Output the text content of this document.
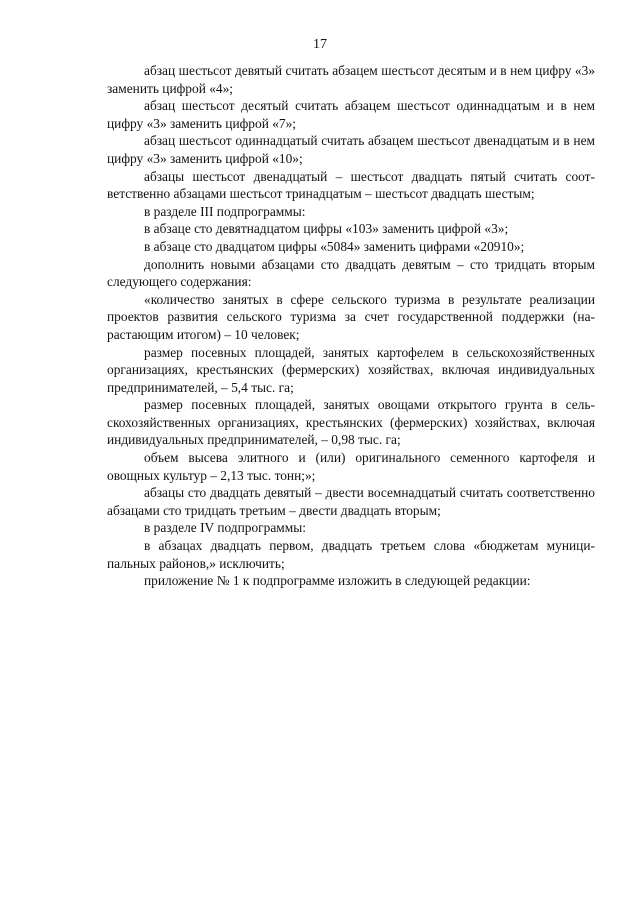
17

абзац шестьсот девятый считать абзацем шестьсот десятым и в нем цифру «3» заменить цифрой «4»;

абзац шестьсот десятый считать абзацем шестьсот одиннадцатым и в нем цифру «3» заменить цифрой «7»;

абзац шестьсот одиннадцатый считать абзацем шестьсот двенадцатым и в нем цифру «3» заменить цифрой «10»;

абзацы шестьсот двенадцатый – шестьсот двадцать пятый считать соответственно абзацами шестьсот тринадцатым – шестьсот двадцать шестым;

в разделе III подпрограммы:

в абзаце сто девятнадцатом цифры «103» заменить цифрой «3»;

в абзаце сто двадцатом цифры «5084» заменить цифрами «20910»;

дополнить новыми абзацами сто двадцать девятым – сто тридцать вторым следующего содержания:

«количество занятых в сфере сельского туризма в результате реализации проектов развития сельского туризма за счет государственной поддержки (нарастающим итогом) – 10 человек;

размер посевных площадей, занятых картофелем в сельскохозяйственных организациях, крестьянских (фермерских) хозяйствах, включая индивидуальных предпринимателей, – 5,4 тыс. га;

размер посевных площадей, занятых овощами открытого грунта в сельскохозяйственных организациях, крестьянских (фермерских) хозяйствах, включая индивидуальных предпринимателей, – 0,98 тыс. га;

объем высева элитного и (или) оригинального семенного картофеля и овощных культур – 2,13 тыс. тонн;»;

абзацы сто двадцать девятый – двести восемнадцатый считать соответственно абзацами сто тридцать третьим – двести двадцать вторым;

в разделе IV подпрограммы:

в абзацах двадцать первом, двадцать третьем слова «бюджетам муниципальных районов,» исключить;

приложение № 1 к подпрограмме изложить в следующей редакции:
